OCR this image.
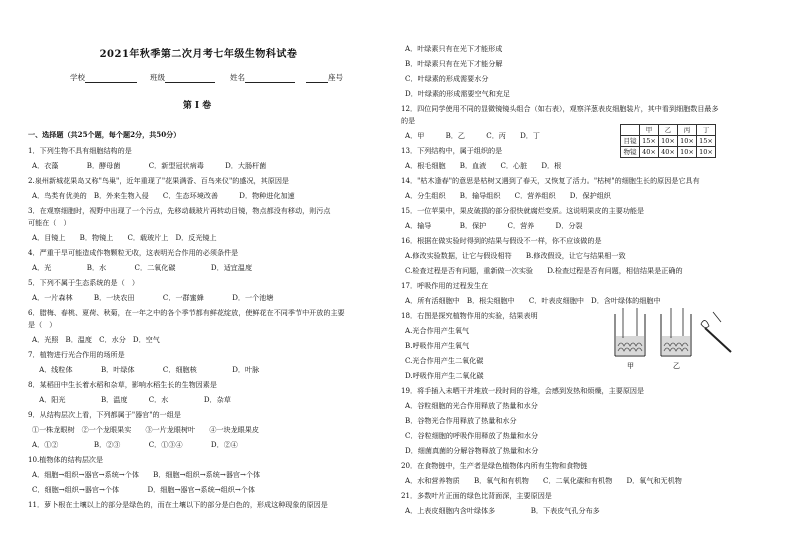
2021年秋季第二次月考七年级生物科试卷
学校	班级	姓名	座号
第Ⅰ卷
一、选择题（共25个题，每个题2分，共50分）
1．下列生物不具有细胞结构的是
A．衣藻　　　　B．酵母菌　　　　C．新型冠状病毒　　　D．大肠杆菌
2.泉州新城花果岛又称"鸟巢"，近年重现了"花果满香、百鸟来仪"的盛况，其原因是
A．鸟类有优美的　B．外来生物入侵　　C．生态环境改善　　　D．物种进化加速
3．在观察细胞时，视野中出现了一个污点，先移动载玻片再转动目镜，物点都没有移动，则污点
可能在（　）
A．目镜上　　B．物镜上　　C．载玻片上　D．反光镜上
4．严重干旱可能造成作物颗粒无收，这表明光合作用的必须条件是
A．光　　　　　B．水　　　　C．二氧化碳　　　　　D．适宜温度
5．下列不属于生态系统的是（　）
A．一片森林　　　B．一块农田　　　　C．一群蜜蜂　　　　D．一个池塘
6．腊梅、春桃、夏荷、秋菊，在一年之中的各个季节都有鲜花绽放，使鲜花在不同季节中开放的主要
是（　）
A．光照　B．温度　C．水分　D．空气
7．植物进行光合作用的场所是
　A．线粒体　　　　B．叶绿体　　　　C．细胞核　　　　　D．叶脉
8．某稻田中生长着水稻和杂草，影响水稻生长的生物因素是
　A．阳光　　　　　B．温度　　　C．水　　　　　D．杂草
9．从结构层次上看，下列都属于"器官"的一组是
①一株龙眼树　②一个龙眼果实　　③一片龙眼树叶　　④一块龙眼果皮
A．①②　　　　　B．②③　　　　C．①③④　　　　D．②④
10.植物体的结构层次是
A．细胞→组织→器官→系统→个体　　B．细胞→组织→系统→器官→个体
C．细胞→组织→器官→个体　　　　D．细胞→器官→系统→组织→个体
11．萝卜根在土壤以上的部分是绿色的，而在土壤以下的部分是白色的，形成这种现象的原因是
A．叶绿素只有在光下才能形成
B．叶绿素只有在光下才能分解
C．叶绿素的形成需要水分
D．叶绿素的形成需要空气和充足
12．四位同学使用不同的显微镜镜头组合（如右表），观察洋葱表皮细胞装片，其中看到细胞数目最多
的是
A．甲　　　B．乙　　　C．丙　　D．丁
13．下列结构中，属于组织的是
A．根毛细胞　　B．血液　　C．心脏　　D．根
14．"枯木逢春"的意思是枯树又遇到了春天，又恢复了活力。"枯树"的细胞生长的原因是它具有
A．分生组织　　B．输导组织　　C．营养组织　　D．保护组织
15．一位苹果中，果皮破损的部分很快就腐烂变质。这说明果皮的主要功能是
A．输导　　　　B．保护　　　C．营养　　　D．分裂
16．根据在做实验时得到的结果与假设不一样，你不应该做的是
A.修改实验数据，让它与假设相符　　B.修改假设，让它与结果相一致
C.检查过程是否有问题，重新做一次实验　　D.检查过程是否有问题，相信结果是正确的
17．呼吸作用的过程发生在
A．所有活细胞中　B．根尖细胞中　　C．叶表皮细胞中　D．含叶绿体的细胞中
18．右图是探究植物作用的实验，结果表明
A.光合作用产生氧气
B.呼吸作用产生氧气
C.光合作用产生二氧化碳
D.呼吸作用产生二氧化碳
19．将手插入未晒干并堆放一段时间的谷堆，会感到发热和烦燥，主要原因是
A．谷粒细胞的光合作用释放了热量和水分
B．谷物光合作用释放了热量和水分
C．谷粒细胞的呼吸作用释放了热量和水分
D．细菌真菌的分解谷物释放了热量和水分
20．在食物链中，生产者是绿色植物体内所有生物和食物链
A．水和营养物质　　B．氧气和有机物　　C．二氧化碳和有机物　　D．氧气和无机物
21．多数叶片正面的绿色比背面深，主要原因是
A．上表皮细胞内含叶绿体多　　　　　B．下表皮气孔分布多
	甲	乙	丙	丁
目镜	15×	10×	10×	15×
物镜	40×	40×	10×	10×
甲	乙
